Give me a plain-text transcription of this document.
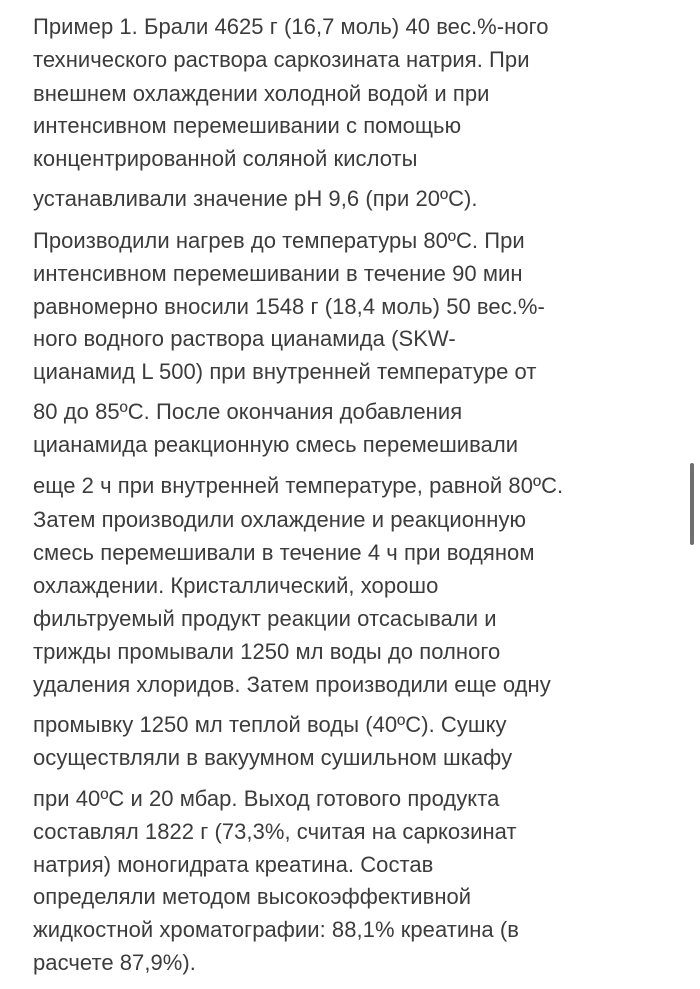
Пример 1. Брали 4625 г (16,7 моль) 40 вес.%-ного
технического раствора саркозината натрия. При
внешнем охлаждении холодной водой и при
интенсивном перемешивании с помощью
концентрированной соляной кислоты
устанавливали значение рН 9,6 (при 20ºС).
Производили нагрев до температуры 80ºС. При
интенсивном перемешивании в течение 90 мин
равномерно вносили 1548 г (18,4 моль) 50 вес.%-
ного водного раствора цианамида (SKW-
цианамид L 500) при внутренней температуре от
80 до 85ºС. После окончания добавления
цианамида реакционную смесь перемешивали
еще 2 ч при внутренней температуре, равной 80ºС.
Затем производили охлаждение и реакционную
смесь перемешивали в течение 4 ч при водяном
охлаждении. Кристаллический, хорошо
фильтруемый продукт реакции отсасывали и
трижды промывали 1250 мл воды до полного
удаления хлоридов. Затем производили еще одну
промывку 1250 мл теплой воды (40ºС). Сушку
осуществляли в вакуумном сушильном шкафу
при 40ºС и 20 мбар. Выход готового продукта
составлял 1822 г (73,3%, считая на саркозинат
натрия) моногидрата креатина. Состав
определяли методом высокоэффективной
жидкостной хроматографии: 88,1% креатина (в
расчете 87,9%).
